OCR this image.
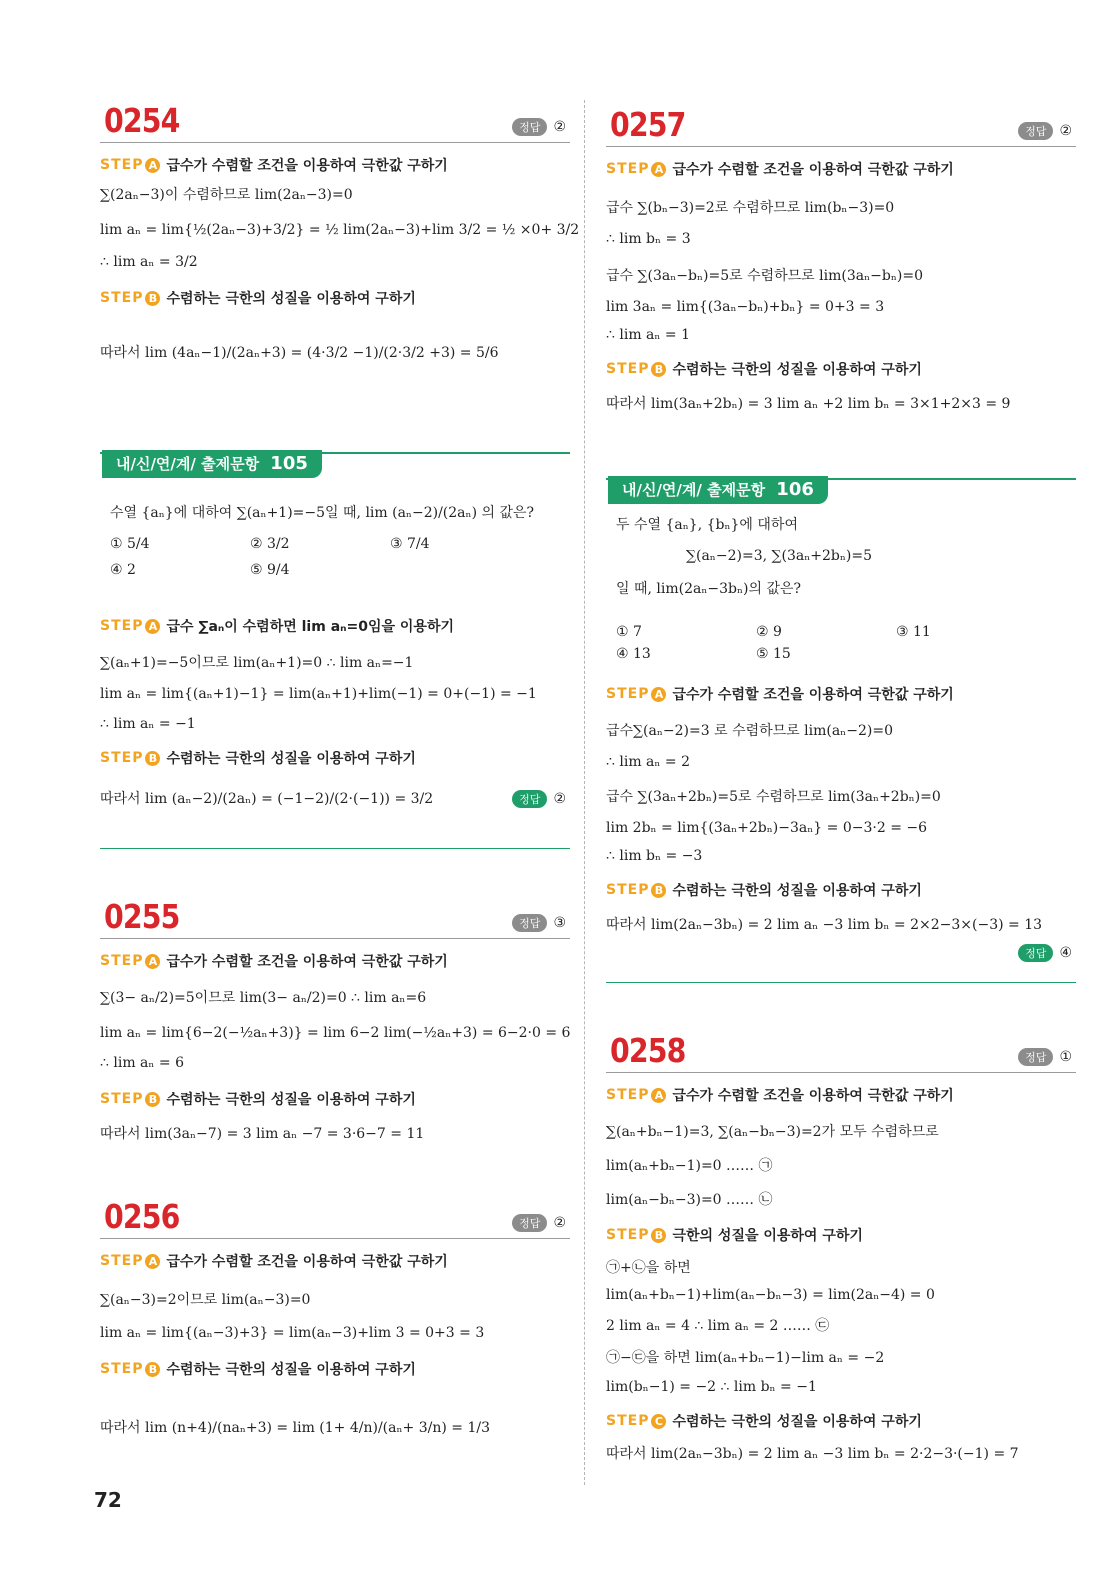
0254	정답 ②
STEP A 급수가 수렴할 조건을 이용하여 극한값 구하기
∑(2aₙ−3)이 수렴하므로 lim(2aₙ−3)=0
lim aₙ = lim{½(2aₙ−3)+3/2} = ½ lim(2aₙ−3)+lim 3/2 = ½ ×0+ 3/2
∴ lim aₙ = 3/2
STEP B 수렴하는 극한의 성질을 이용하여 구하기
따라서 lim (4aₙ−1)/(2aₙ+3) = (4·3/2 −1)/(2·3/2 +3) = 5/6
내/신/연/계/ 출제문항 105
수열 {aₙ}에 대하여 ∑(aₙ+1)=−5일 때, lim (aₙ−2)/(2aₙ) 의 값은?
① 5/4	② 3/2	③ 7/4
④ 2	⑤ 9/4
STEP A 급수 ∑aₙ이 수렴하면 lim aₙ=0임을 이용하기
∑(aₙ+1)=−5이므로 lim(aₙ+1)=0 ∴ lim aₙ=−1
lim aₙ = lim{(aₙ+1)−1} = lim(aₙ+1)+lim(−1) = 0+(−1) = −1
∴ lim aₙ = −1
STEP B 수렴하는 극한의 성질을 이용하여 구하기
따라서 lim (aₙ−2)/(2aₙ) = (−1−2)/(2·(−1)) = 3/2	정답 ②
0255	정답 ③
STEP A 급수가 수렴할 조건을 이용하여 극한값 구하기
∑(3− aₙ/2)=5이므로 lim(3− aₙ/2)=0 ∴ lim aₙ=6
lim aₙ = lim{6−2(−½aₙ+3)} = lim 6−2 lim(−½aₙ+3) = 6−2·0 = 6
∴ lim aₙ = 6
STEP B 수렴하는 극한의 성질을 이용하여 구하기
따라서 lim(3aₙ−7) = 3 lim aₙ −7 = 3·6−7 = 11
0256	정답 ②
STEP A 급수가 수렴할 조건을 이용하여 극한값 구하기
∑(aₙ−3)=2이므로 lim(aₙ−3)=0
lim aₙ = lim{(aₙ−3)+3} = lim(aₙ−3)+lim 3 = 0+3 = 3
STEP B 수렴하는 극한의 성질을 이용하여 구하기
따라서 lim (n+4)/(naₙ+3) = lim (1+ 4/n)/(aₙ+ 3/n) = 1/3
0257	정답 ②
STEP A 급수가 수렴할 조건을 이용하여 극한값 구하기
급수 ∑(bₙ−3)=2로 수렴하므로 lim(bₙ−3)=0
∴ lim bₙ = 3
급수 ∑(3aₙ−bₙ)=5로 수렴하므로 lim(3aₙ−bₙ)=0
lim 3aₙ = lim{(3aₙ−bₙ)+bₙ} = 0+3 = 3
∴ lim aₙ = 1
STEP B 수렴하는 극한의 성질을 이용하여 구하기
따라서 lim(3aₙ+2bₙ) = 3 lim aₙ +2 lim bₙ = 3×1+2×3 = 9
내/신/연/계/ 출제문항 106
두 수열 {aₙ}, {bₙ}에 대하여
∑(aₙ−2)=3, ∑(3aₙ+2bₙ)=5
일 때, lim(2aₙ−3bₙ)의 값은?
① 7	② 9	③ 11
④ 13	⑤ 15
STEP A 급수가 수렴할 조건을 이용하여 극한값 구하기
급수∑(aₙ−2)=3 로 수렴하므로 lim(aₙ−2)=0
∴ lim aₙ = 2
급수 ∑(3aₙ+2bₙ)=5로 수렴하므로 lim(3aₙ+2bₙ)=0
lim 2bₙ = lim{(3aₙ+2bₙ)−3aₙ} = 0−3·2 = −6
∴ lim bₙ = −3
STEP B 수렴하는 극한의 성질을 이용하여 구하기
따라서 lim(2aₙ−3bₙ) = 2 lim aₙ −3 lim bₙ = 2×2−3×(−3) = 13
정답 ④
0258	정답 ①
STEP A 급수가 수렴할 조건을 이용하여 극한값 구하기
∑(aₙ+bₙ−1)=3, ∑(aₙ−bₙ−3)=2가 모두 수렴하므로
lim(aₙ+bₙ−1)=0 …… ㉠
lim(aₙ−bₙ−3)=0 …… ㉡
STEP B 극한의 성질을 이용하여 구하기
㉠+㉡을 하면
lim(aₙ+bₙ−1)+lim(aₙ−bₙ−3) = lim(2aₙ−4) = 0
2 lim aₙ = 4 ∴ lim aₙ = 2 …… ㉢
㉠−㉢을 하면 lim(aₙ+bₙ−1)−lim aₙ = −2
lim(bₙ−1) = −2 ∴ lim bₙ = −1
STEP C 수렴하는 극한의 성질을 이용하여 구하기
따라서 lim(2aₙ−3bₙ) = 2 lim aₙ −3 lim bₙ = 2·2−3·(−1) = 7
72
